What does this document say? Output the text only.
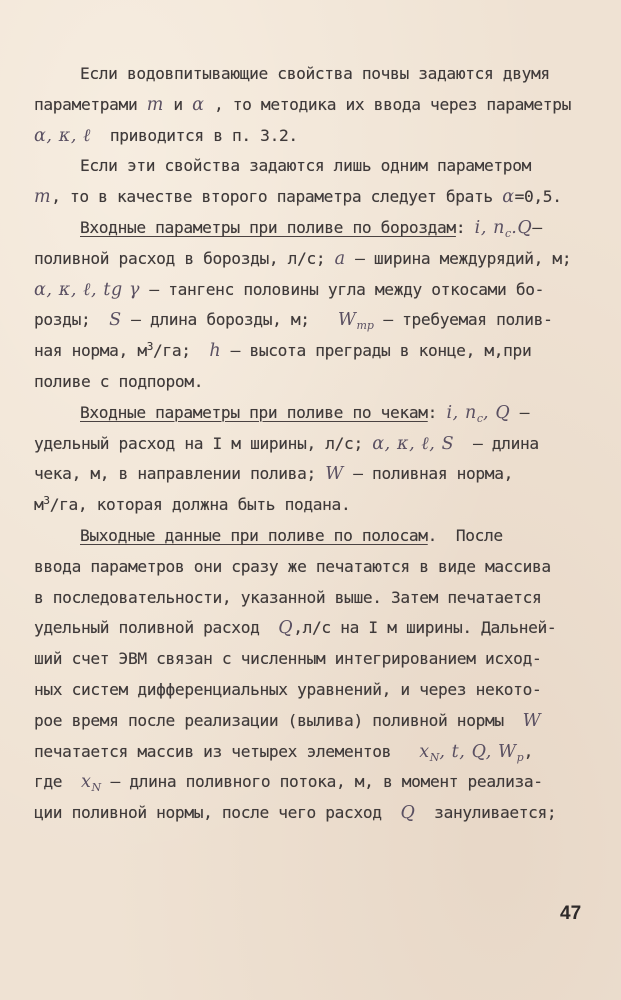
Если водовпитывающие свойства почвы задаются двумя
параметрами m и α , то методика их ввода через параметры
α, κ, ℓ  приводится в п. 3.2.
Если эти свойства задаются лишь одним параметром
m, то в качестве второго параметра следует брать α=0,5.
Входные параметры при поливе по бороздам: i, $n_c.Q-$
поливной расход в борозды, л/с; a – ширина междурядий, м;
α, κ, ℓ, tg γ – тангенс половины угла между откосами бо-
розды;  S – длина борозды, м;   $W_{тр}$ – требуемая полив-
ная норма, $м^3/га$;  h – высота преграды в конце, м,при
поливе с подпором.
Входные параметры при поливе по чекам: i, $n_c$, Q –
удельный расход на I м ширины, л/с; α, κ, ℓ, S  – длина
чека, м, в направлении полива; W – поливная норма,
$м^3/га$, которая должна быть подана.
Выходные данные при поливе по полосам.  После
ввода параметров они сразу же печатаются в виде массива
в последовательности, указанной выше. Затем печатается
удельный поливной расход  Q,л/с на I м ширины. Дальней-
ший счет ЭВМ связан с численным интегрированием исход-
ных систем дифференциальных уравнений, и через некото-
рое время после реализации (вылива) поливной нормы  W
печатается массив из четырех элементов   $x_N$, t, Q, $W_p$,
где  $x_N$ – длина поливного потока, м, в момент реализа-
ции поливной нормы, после чего расход  Q  зануливается;
47
